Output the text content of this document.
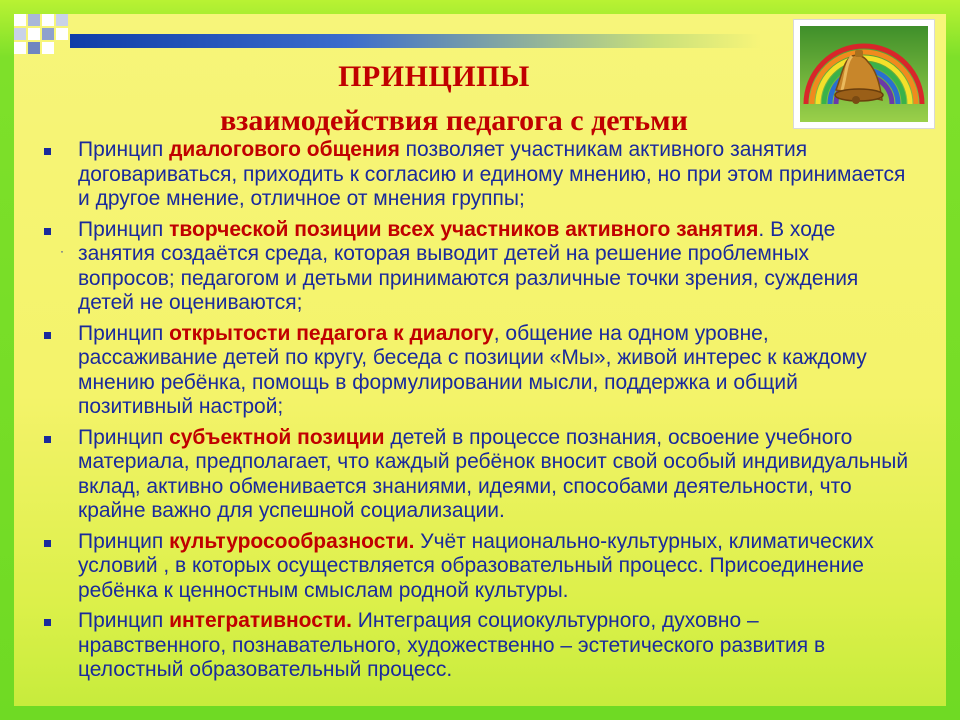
ПРИНЦИПЫ
взаимодействия педагога с детьми
Принцип диалогового общения позволяет участникам активного занятия договариваться, приходить к согласию и единому мнению, но при этом принимается и другое мнение, отличное от мнения группы;
Принцип творческой позиции всех участников активного занятия. В ходе занятия создаётся среда, которая выводит детей на решение проблемных вопросов; педагогом и детьми принимаются различные точки зрения, суждения детей не оцениваются;
Принцип открытости педагога к диалогу, общение на одном уровне, рассаживание детей по кругу, беседа с позиции «Мы», живой интерес к каждому мнению ребёнка, помощь в формулировании мысли, поддержка и общий позитивный настрой;
Принцип субъектной позиции детей в процессе познания, освоение учебного материала, предполагает, что каждый ребёнок вносит свой особый индивидуальный вклад, активно обменивается знаниями, идеями, способами деятельности, что крайне важно для успешной социализации.
Принцип культуросообразности. Учёт национально-культурных, климатических условий , в которых осуществляется образовательный процесс. Присоединение ребёнка к ценностным смыслам родной культуры.
Принцип интегративности. Интеграция социокультурного, духовно – нравственного, познавательного, художественно – эстетического развития в целостный образовательный процесс.
·
